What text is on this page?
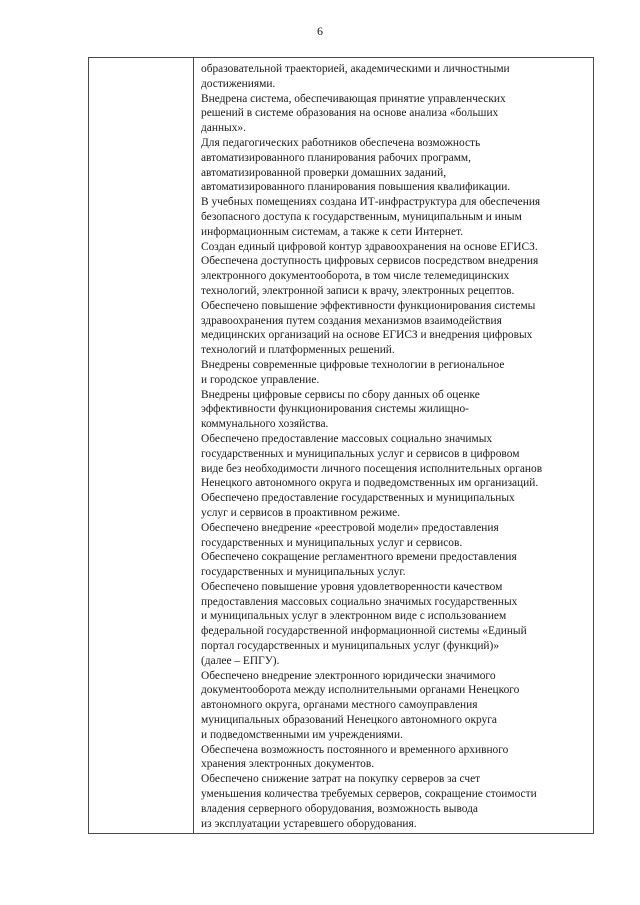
6

образовательной траекторией, академическими и личностными
достижениями.

Внедрена система, обеспечивающая принятие управленческих
решений в системе образования на основе анализа «больших
данных».

Для педагогических работников обеспечена возможность
автоматизированного планирования рабочих программ,
автоматизированной проверки домашних заданий,
автоматизированного планирования повышения квалификации.

В учебных помещениях создана ИТ-инфраструктура для обеспечения
безопасного доступа к государственным, муниципальным и иным
информационным системам, а также к сети Интернет.

Создан единый цифровой контур здравоохранения на основе ЕГИСЗ.

Обеспечена доступность цифровых сервисов посредством внедрения
электронного документооборота, в том числе телемедицинских
технологий, электронной записи к врачу, электронных рецептов.

Обеспечено повышение эффективности функционирования системы
здравоохранения путем создания механизмов взаимодействия
медицинских организаций на основе ЕГИСЗ и внедрения цифровых
технологий и платформенных решений.

Внедрены современные цифровые технологии в региональное
и городское управление.

Внедрены цифровые сервисы по сбору данных об оценке
эффективности функционирования системы жилищно-
коммунального хозяйства.

Обеспечено предоставление массовых социально значимых
государственных и муниципальных услуг и сервисов в цифровом
виде без необходимости личного посещения исполнительных органов
Ненецкого автономного округа и подведомственных им организаций.

Обеспечено предоставление государственных и муниципальных
услуг и сервисов в проактивном режиме.

Обеспечено внедрение «реестровой модели» предоставления
государственных и муниципальных услуг и сервисов.

Обеспечено сокращение регламентного времени предоставления
государственных и муниципальных услуг.

Обеспечено повышение уровня удовлетворенности качеством
предоставления массовых социально значимых государственных
и муниципальных услуг в электронном виде с использованием
федеральной государственной информационной системы «Единый
портал государственных и муниципальных услуг (функций)»
(далее – ЕПГУ).

Обеспечено внедрение электронного юридически значимого
документооборота между исполнительными органами Ненецкого
автономного округа, органами местного самоуправления
муниципальных образований Ненецкого автономного округа
и подведомственными им учреждениями.

Обеспечена возможность постоянного и временного архивного
хранения электронных документов.

Обеспечено снижение затрат на покупку серверов за счет
уменьшения количества требуемых серверов, сокращение стоимости
владения серверного оборудования, возможность вывода
из эксплуатации устаревшего оборудования.
